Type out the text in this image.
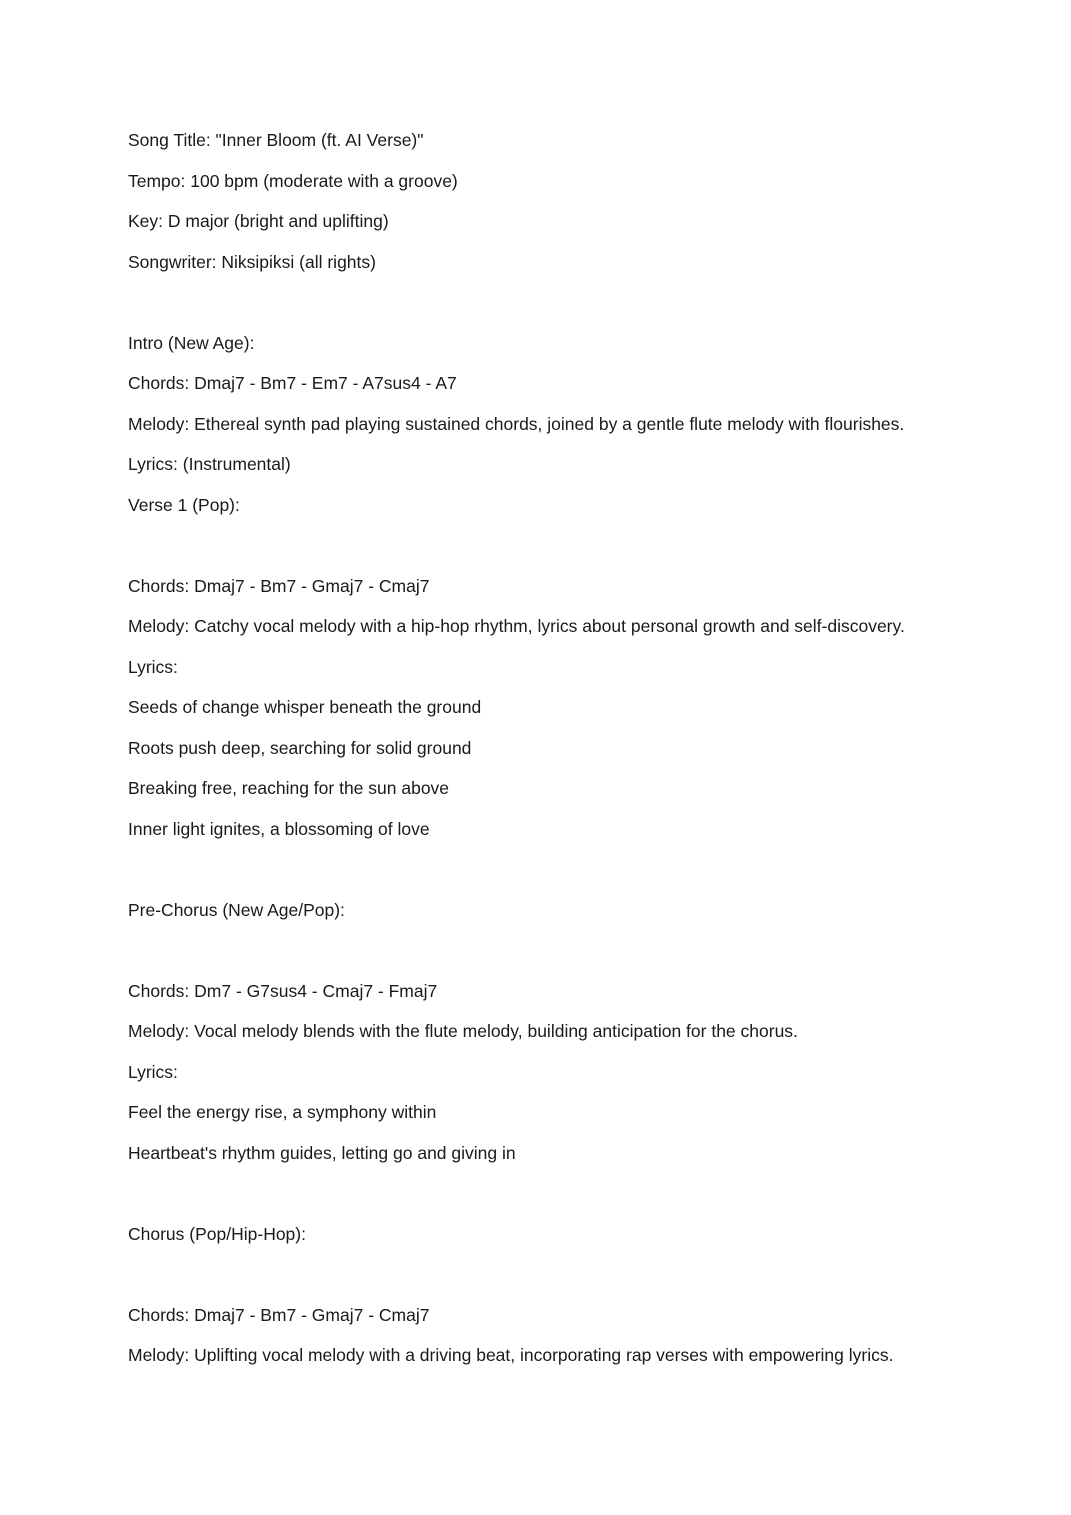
Song Title: "Inner Bloom (ft. AI Verse)"
Tempo: 100 bpm (moderate with a groove)
Key: D major (bright and uplifting)
Songwriter: Niksipiksi (all rights)
Intro (New Age):
Chords: Dmaj7 - Bm7 - Em7 - A7sus4 - A7
Melody: Ethereal synth pad playing sustained chords, joined by a gentle flute melody with flourishes.
Lyrics: (Instrumental)
Verse 1 (Pop):
Chords: Dmaj7 - Bm7 - Gmaj7 - Cmaj7
Melody: Catchy vocal melody with a hip-hop rhythm, lyrics about personal growth and self-discovery.
Lyrics:
Seeds of change whisper beneath the ground
Roots push deep, searching for solid ground
Breaking free, reaching for the sun above
Inner light ignites, a blossoming of love
Pre-Chorus (New Age/Pop):
Chords: Dm7 - G7sus4 - Cmaj7 - Fmaj7
Melody: Vocal melody blends with the flute melody, building anticipation for the chorus.
Lyrics:
Feel the energy rise, a symphony within
Heartbeat's rhythm guides, letting go and giving in
Chorus (Pop/Hip-Hop):
Chords: Dmaj7 - Bm7 - Gmaj7 - Cmaj7
Melody: Uplifting vocal melody with a driving beat, incorporating rap verses with empowering lyrics.
